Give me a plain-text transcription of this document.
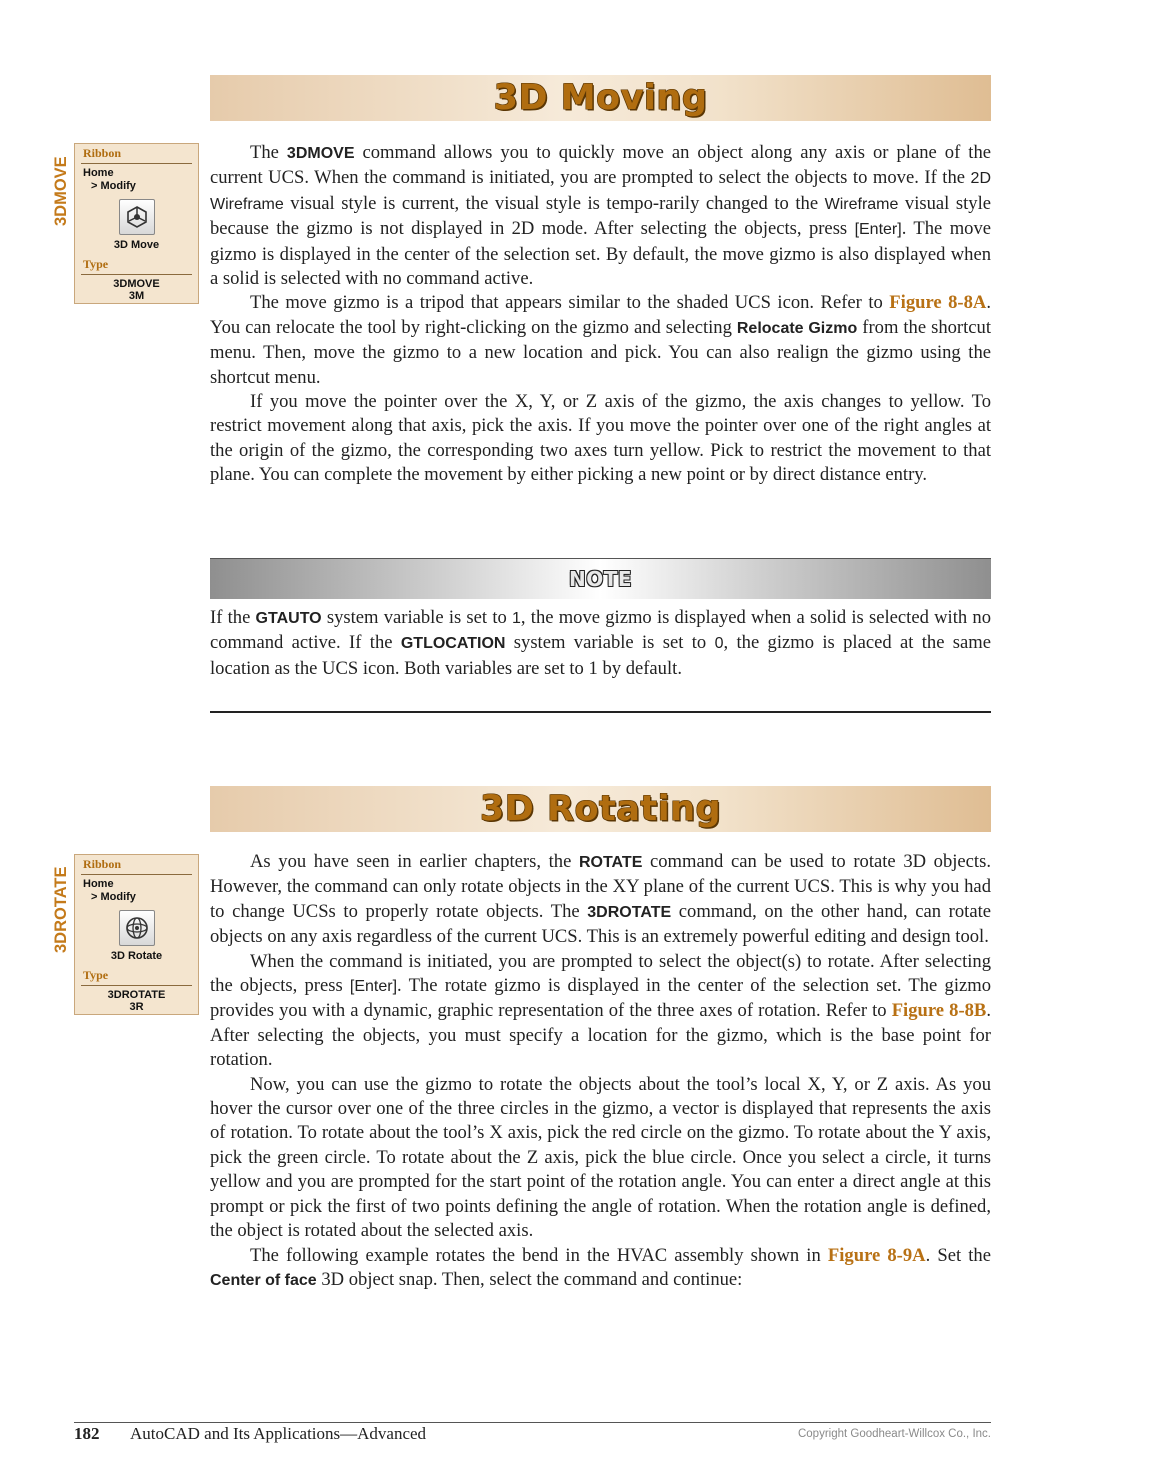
3D Moving
3DMOVE
Ribbon
Home
> Modify
3D Move
Type
3DMOVE
3M

The 3DMOVE command allows you to quickly move an object along any axis or plane of the current UCS. When the command is initiated, you are prompted to select the objects to move. If the 2D Wireframe visual style is current, the visual style is tempo-rarily changed to the Wireframe visual style because the gizmo is not displayed in 2D mode. After selecting the objects, press [Enter]. The move gizmo is displayed in the center of the selection set. By default, the move gizmo is also displayed when a solid is selected with no command active.

The move gizmo is a tripod that appears similar to the shaded UCS icon. Refer to Figure 8-8A. You can relocate the tool by right-clicking on the gizmo and selecting Relocate Gizmo from the shortcut menu. Then, move the gizmo to a new location and pick. You can also realign the gizmo using the shortcut menu.

If you move the pointer over the X, Y, or Z axis of the gizmo, the axis changes to yellow. To restrict movement along that axis, pick the axis. If you move the pointer over one of the right angles at the origin of the gizmo, the corresponding two axes turn yellow. Pick to restrict the movement to that plane. You can complete the movement by either picking a new point or by direct distance entry.

NOTE
If the GTAUTO system variable is set to 1, the move gizmo is displayed when a solid is selected with no command active. If the GTLOCATION system variable is set to 0, the gizmo is placed at the same location as the UCS icon. Both variables are set to 1 by default.
3D Rotating
3DROTATE
Ribbon
Home
> Modify
3D Rotate
Type
3DROTATE
3R

As you have seen in earlier chapters, the ROTATE command can be used to rotate 3D objects. However, the command can only rotate objects in the XY plane of the current UCS. This is why you had to change UCSs to properly rotate objects. The 3DROTATE command, on the other hand, can rotate objects on any axis regardless of the current UCS. This is an extremely powerful editing and design tool.

When the command is initiated, you are prompted to select the object(s) to rotate. After selecting the objects, press [Enter]. The rotate gizmo is displayed in the center of the selection set. The gizmo provides you with a dynamic, graphic representation of the three axes of rotation. Refer to Figure 8-8B. After selecting the objects, you must specify a location for the gizmo, which is the base point for rotation.

Now, you can use the gizmo to rotate the objects about the tool’s local X, Y, or Z axis. As you hover the cursor over one of the three circles in the gizmo, a vector is displayed that represents the axis of rotation. To rotate about the tool’s X axis, pick the red circle on the gizmo. To rotate about the Y axis, pick the green circle. To rotate about the Z axis, pick the blue circle. Once you select a circle, it turns yellow and you are prompted for the start point of the rotation angle. You can enter a direct angle at this prompt or pick the first of two points defining the angle of rotation. When the rotation angle is defined, the object is rotated about the selected axis.

The following example rotates the bend in the HVAC assembly shown in Figure 8-9A. Set the Center of face 3D object snap. Then, select the command and continue:

182 AutoCAD and Its Applications—Advanced	Copyright Goodheart-Willcox Co., Inc.
